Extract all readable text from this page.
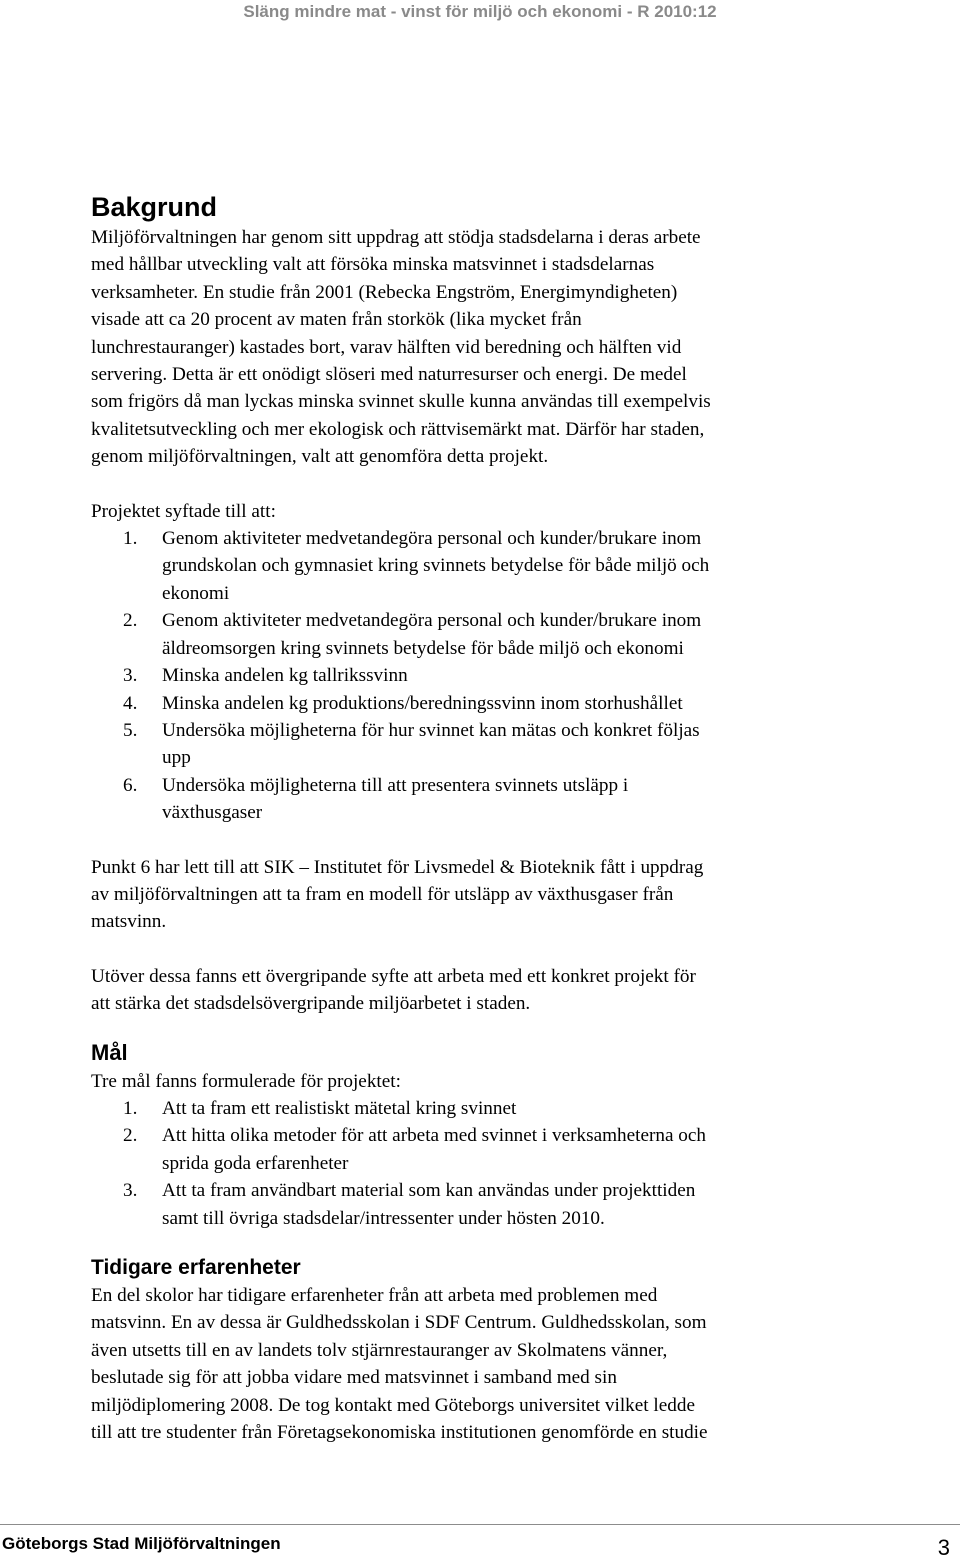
Släng mindre mat - vinst för miljö och ekonomi - R 2010:12
Bakgrund
Miljöförvaltningen har genom sitt uppdrag att stödja stadsdelarna i deras arbete
med hållbar utveckling valt att försöka minska matsvinnet i stadsdelarnas
verksamheter. En studie från 2001 (Rebecka Engström, Energimyndigheten)
visade att ca 20 procent av maten från storkök (lika mycket från
lunchrestauranger) kastades bort, varav hälften vid beredning och hälften vid
servering. Detta är ett onödigt slöseri med naturresurser och energi. De medel
som frigörs då man lyckas minska svinnet skulle kunna användas till exempelvis
kvalitetsutveckling och mer ekologisk och rättvisemärkt mat. Därför har staden,
genom miljöförvaltningen, valt att genomföra detta projekt.
Projektet syftade till att:
1. Genom aktiviteter medvetandegöra personal och kunder/brukare inom
grundskolan och gymnasiet kring svinnets betydelse för både miljö och
ekonomi
2. Genom aktiviteter medvetandegöra personal och kunder/brukare inom
äldreomsorgen kring svinnets betydelse för både miljö och ekonomi
3. Minska andelen kg tallrikssvinn
4. Minska andelen kg produktions/beredningssvinn inom storhushållet
5. Undersöka möjligheterna för hur svinnet kan mätas och konkret följas
upp
6. Undersöka möjligheterna till att presentera svinnets utsläpp i
växthusgaser
Punkt 6 har lett till att SIK – Institutet för Livsmedel & Bioteknik fått i uppdrag
av miljöförvaltningen att ta fram en modell för utsläpp av växthusgaser från
matsvinn.
Utöver dessa fanns ett övergripande syfte att arbeta med ett konkret projekt för
att stärka det stadsdelsövergripande miljöarbetet i staden.
Mål
Tre mål fanns formulerade för projektet:
1. Att ta fram ett realistiskt mätetal kring svinnet
2. Att hitta olika metoder för att arbeta med svinnet i verksamheterna och
sprida goda erfarenheter
3. Att ta fram användbart material som kan användas under projekttiden
samt till övriga stadsdelar/intressenter under hösten 2010.
Tidigare erfarenheter
En del skolor har tidigare erfarenheter från att arbeta med problemen med
matsvinn. En av dessa är Guldhedsskolan i SDF Centrum. Guldhedsskolan, som
även utsetts till en av landets tolv stjärnrestauranger av Skolmatens vänner,
beslutade sig för att jobba vidare med matsvinnet i samband med sin
miljödiplomering 2008. De tog kontakt med Göteborgs universitet vilket ledde
till att tre studenter från Företagsekonomiska institutionen genomförde en studie
Göteborgs Stad Miljöförvaltningen	3
